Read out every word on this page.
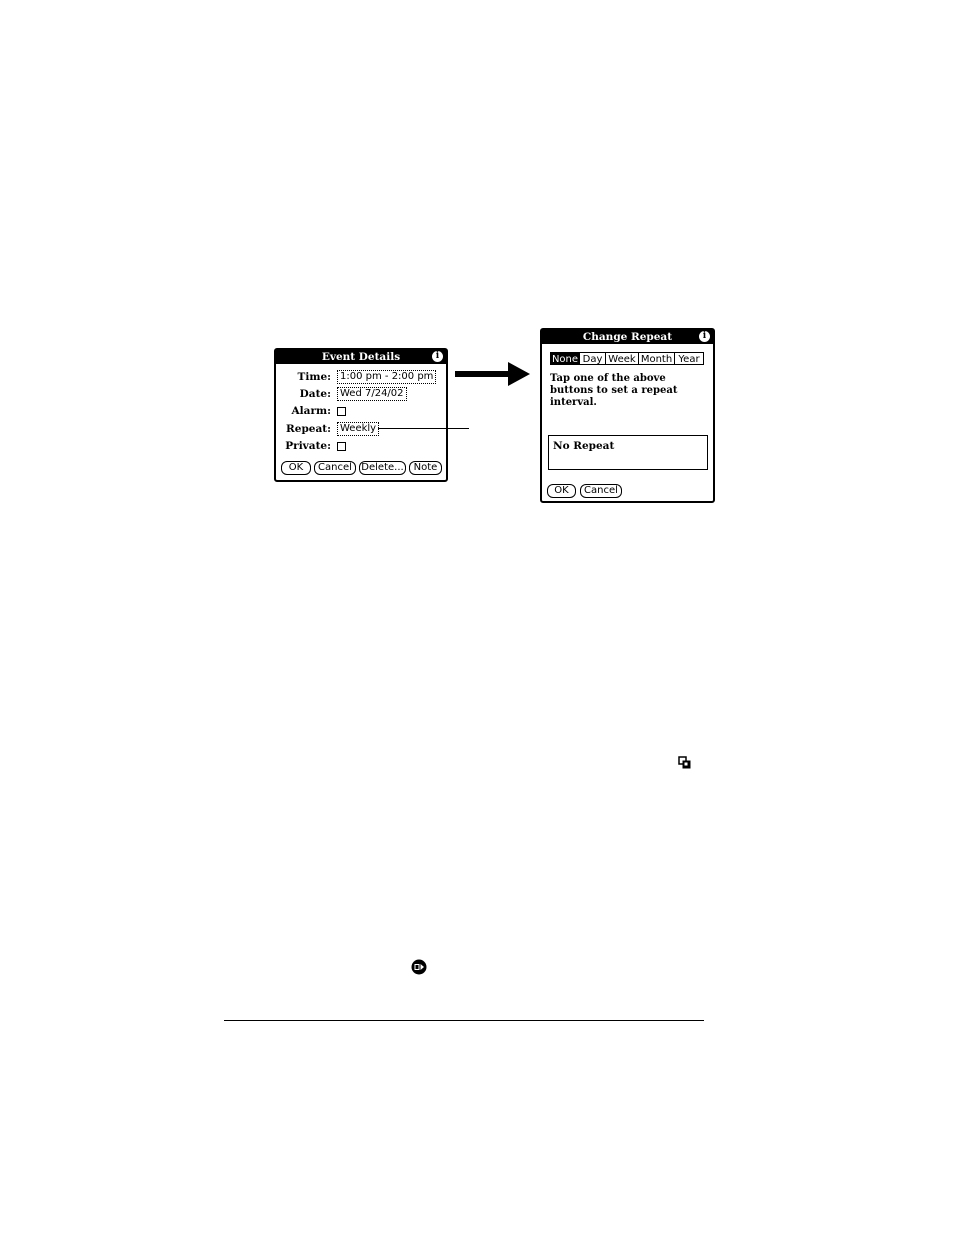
Event Details	i
Time: 1:00 pm - 2:00 pm
Date: Wed 7/24/02
Alarm:
Repeat: Weekly
Private:
OK	Cancel Delete... Note
Change Repeat	i
None Day Week Month Year
Tap one of the above buttons to set a repeat interval.
No Repeat
OK	Cancel
